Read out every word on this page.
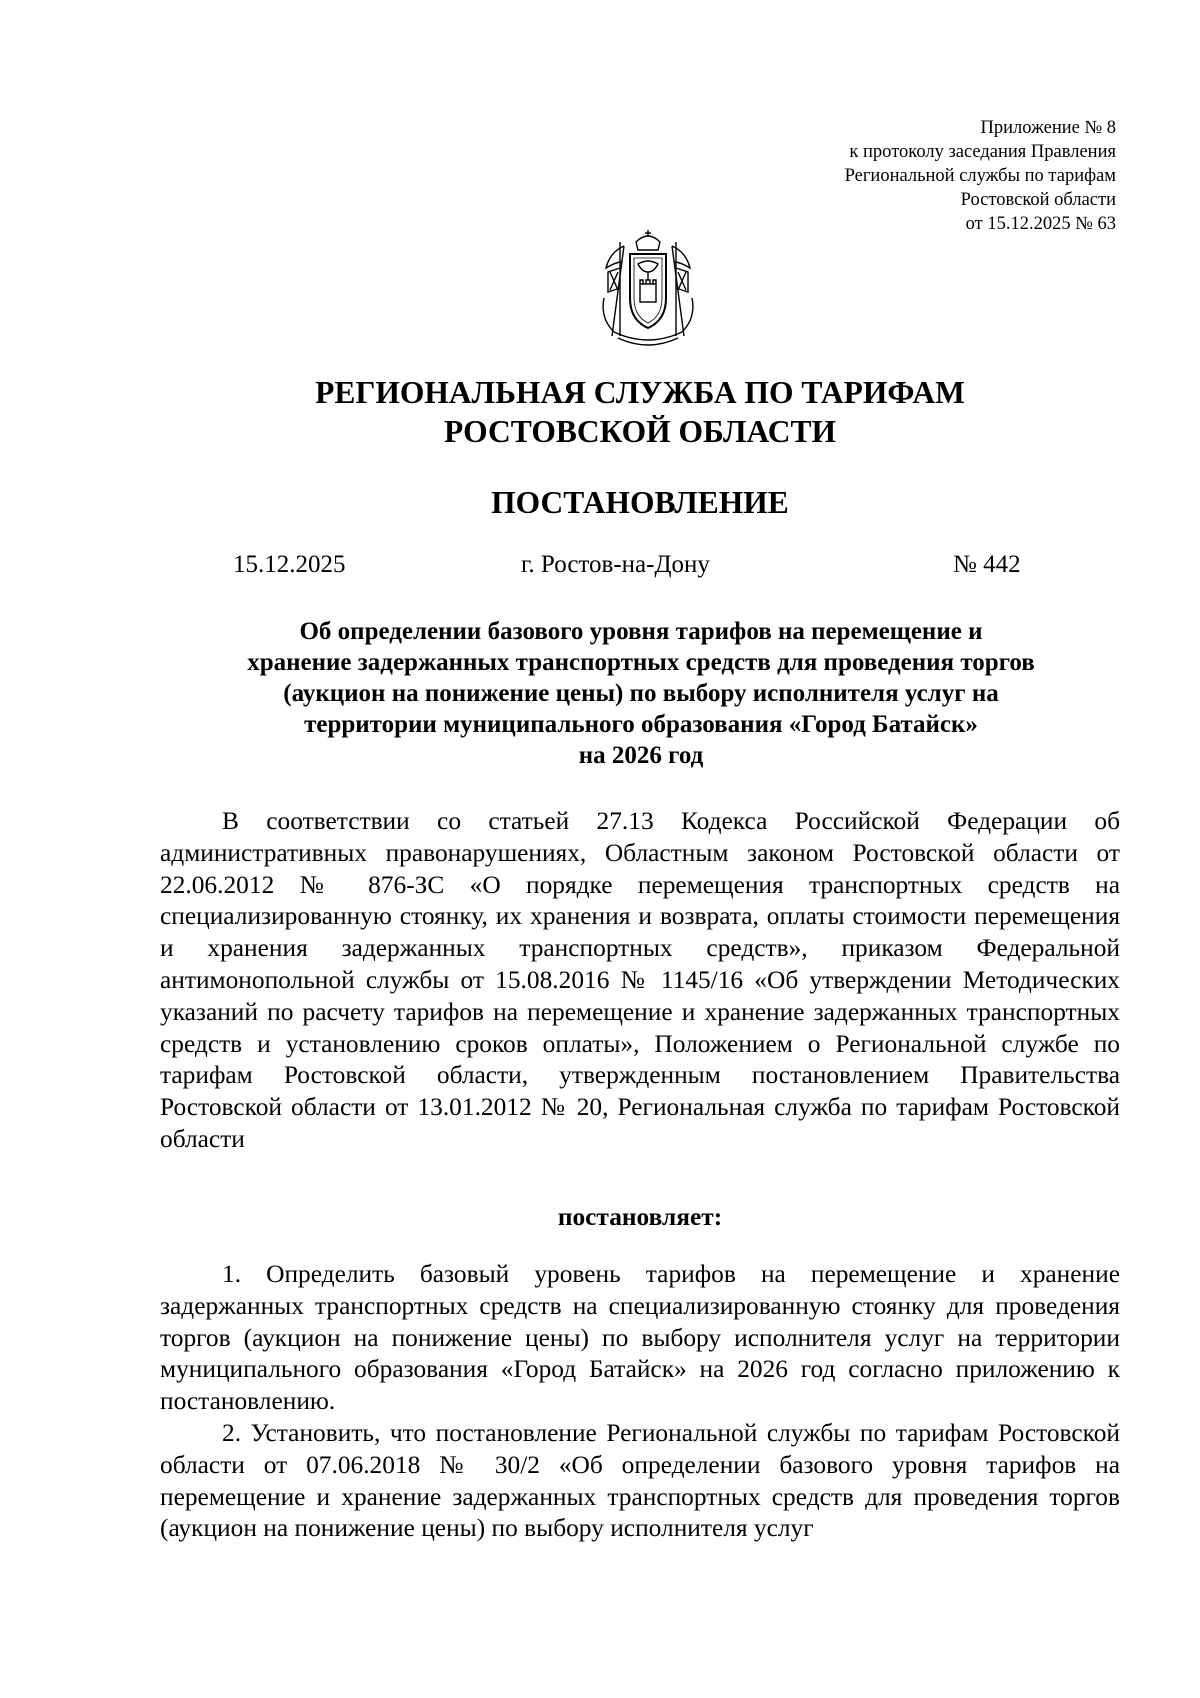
Приложение № 8
к протоколу заседания Правления
Региональной службы по тарифам
Ростовской области
от 15.12.2025 № 63
РЕГИОНАЛЬНАЯ СЛУЖБА ПО ТАРИФАМ
РОСТОВСКОЙ ОБЛАСТИ
ПОСТАНОВЛЕНИЕ
15.12.2025	г. Ростов-на-Дону	№ 442
Об определении базового уровня тарифов на перемещение и
хранение задержанных транспортных средств для проведения торгов
(аукцион на понижение цены) по выбору исполнителя услуг на
территории муниципального образования «Город Батайск»
на 2026 год

В соответствии со статьей 27.13 Кодекса Российской Федерации об административных правонарушениях, Областным законом Ростовской области от 22.06.2012 № 876-ЗС «О порядке перемещения транспортных средств на специализированную стоянку, их хранения и возврата, оплаты стоимости перемещения и хранения задержанных транспортных средств», приказом Федеральной антимонопольной службы от 15.08.2016 № 1145/16 «Об утверждении Методических указаний по расчету тарифов на перемещение и хранение задержанных транспортных средств и установлению сроков оплаты», Положением о Региональной службе по тарифам Ростовской области, утвержденным постановлением Правительства Ростовской области от 13.01.2012 № 20, Региональная служба по тарифам Ростовской области

постановляет:

1. Определить базовый уровень тарифов на перемещение и хранение задержанных транспортных средств на специализированную стоянку для проведения торгов (аукцион на понижение цены) по выбору исполнителя услуг на территории муниципального образования «Город Батайск» на 2026 год согласно приложению к постановлению.

2. Установить, что постановление Региональной службы по тарифам Ростовской области от 07.06.2018 № 30/2 «Об определении базового уровня тарифов на перемещение и хранение задержанных транспортных средств для проведения торгов (аукцион на понижение цены) по выбору исполнителя услуг
